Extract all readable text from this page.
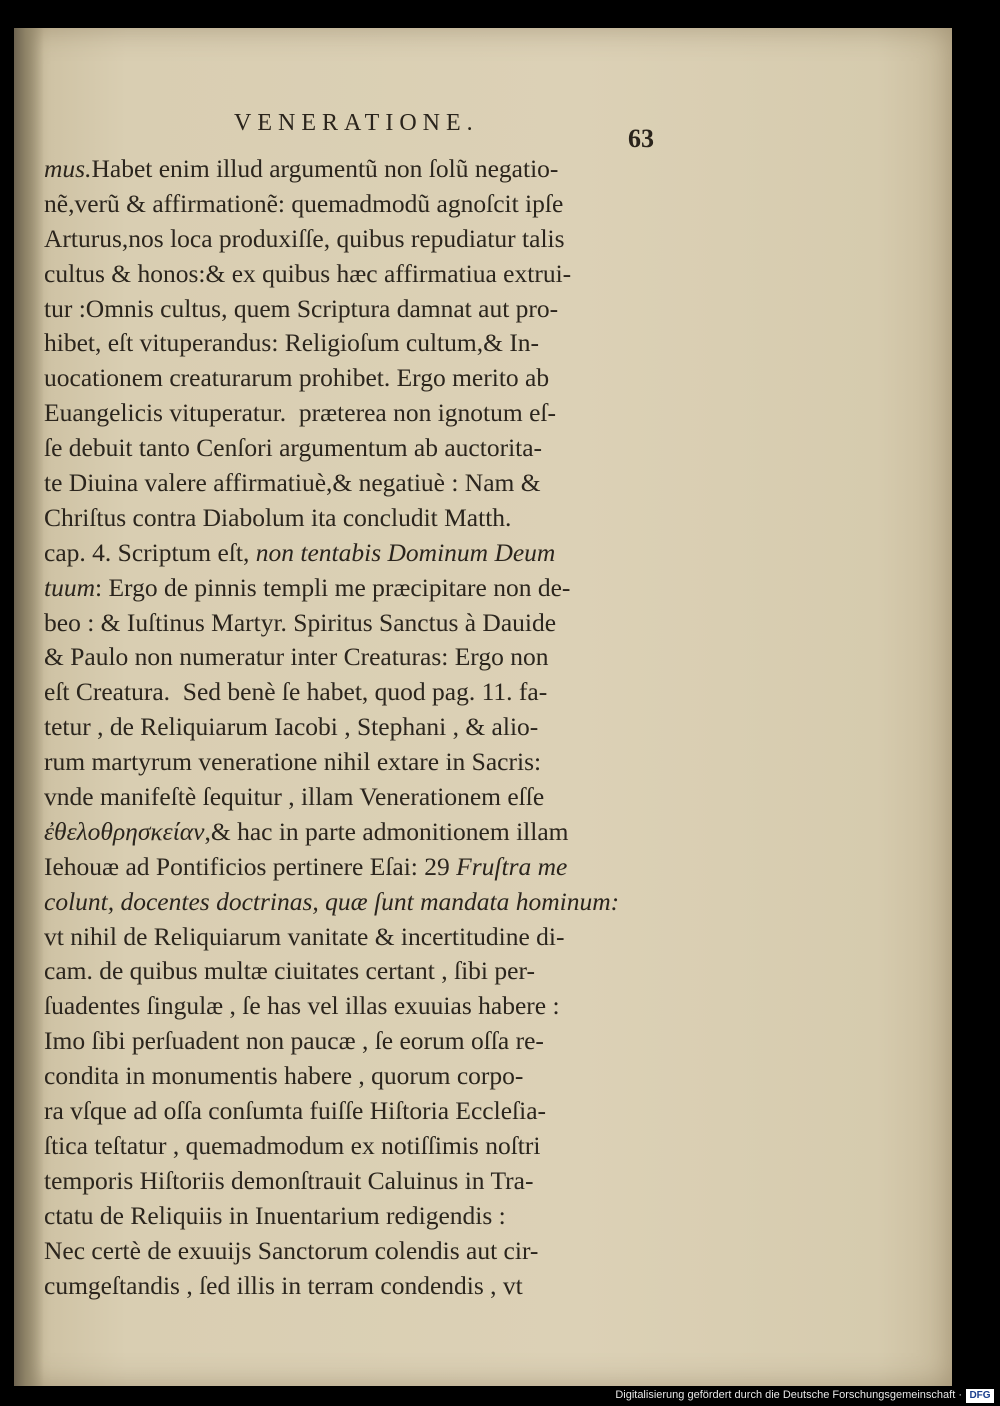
VENERATIONE.
63
mus.Habet enim illud argumentũ non ſolũ negatio-
nẽ,verũ & affirmationẽ: quemadmodũ agnoſcit ipſe
Arturus,nos loca produxiſſe, quibus repudiatur talis
cultus & honos:& ex quibus hæc affirmatiua extrui-
tur :Omnis cultus, quem Scriptura damnat aut pro-
hibet, eſt vituperandus: Religioſum cultum,& In-
uocationem creaturarum prohibet. Ergo merito ab
Euangelicis vituperatur.  præterea non ignotum eſ-
ſe debuit tanto Cenſori argumentum ab auctorita-
te Diuina valere affirmatiuè,& negatiuè : Nam &
Chriſtus contra Diabolum ita concludit Matth.
cap. 4. Scriptum eſt, non tentabis Dominum Deum
tuum: Ergo de pinnis templi me præcipitare non de-
beo : & Iuſtinus Martyr. Spiritus Sanctus à Dauide
& Paulo non numeratur inter Creaturas: Ergo non
eſt Creatura.  Sed benè ſe habet, quod pag. 11. fa-
tetur , de Reliquiarum Iacobi , Stephani , & alio-
rum martyrum veneratione nihil extare in Sacris:
vnde manifeſtè ſequitur , illam Venerationem eſſe
ἐθελοθρησκείαν,& hac in parte admonitionem illam
Iehouæ ad Pontificios pertinere Eſai: 29 Fruſtra me
colunt, docentes doctrinas, quæ ſunt mandata hominum:
vt nihil de Reliquiarum vanitate & incertitudine di-
cam. de quibus multæ ciuitates certant , ſibi per-
ſuadentes ſingulæ , ſe has vel illas exuuias habere :
Imo ſibi perſuadent non paucæ , ſe eorum oſſa re-
condita in monumentis habere , quorum corpo-
ra vſque ad oſſa conſumta fuiſſe Hiſtoria Eccleſia-
ſtica teſtatur , quemadmodum ex notiſſimis noſtri
temporis Hiſtoriis demonſtrauit Caluinus in Tra-
ctatu de Reliquiis in Inuentarium redigendis :
Nec certè de exuuijs Sanctorum colendis aut cir-
cumgeſtandis , ſed illis in terram condendis , vt
Digitalisierung gefördert durch die Deutsche Forschungsgemeinschaft · DFG
